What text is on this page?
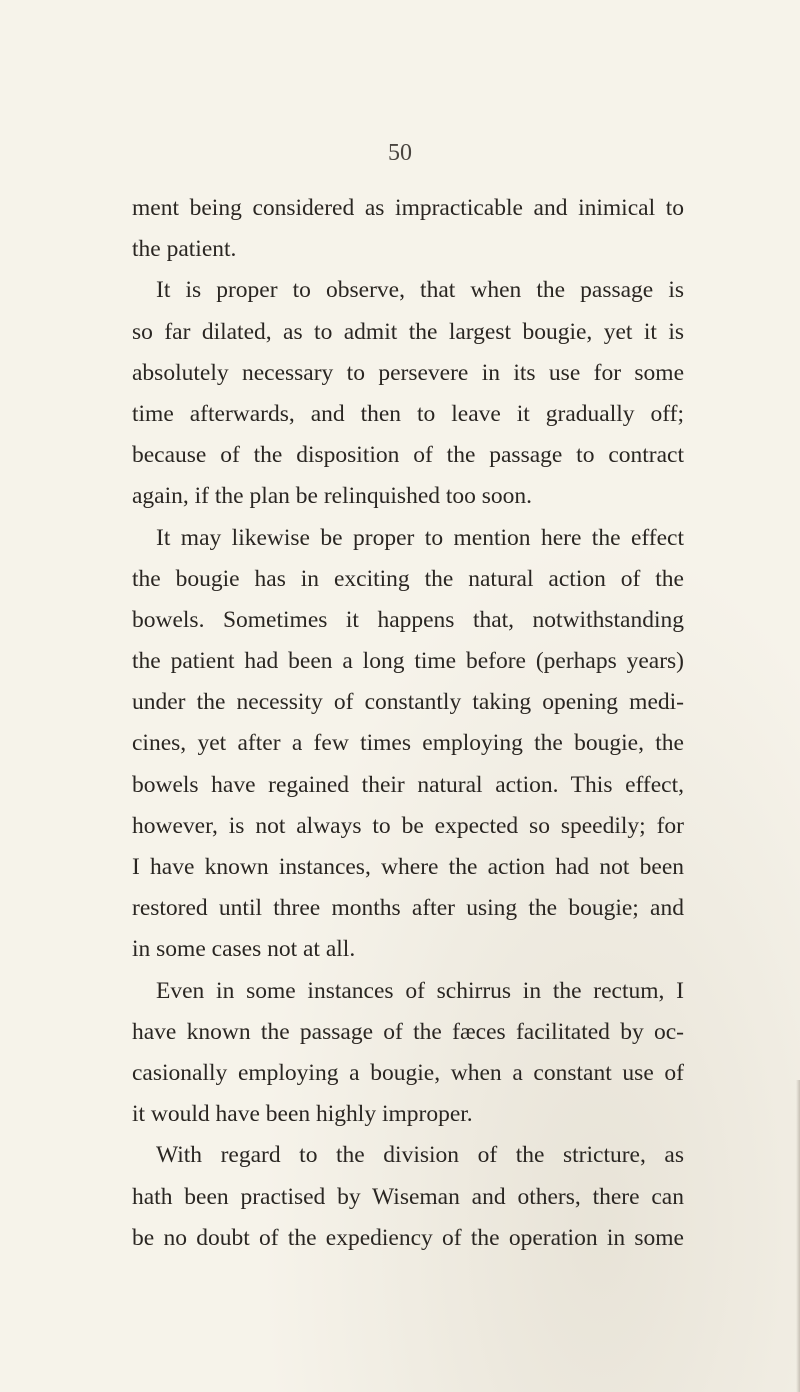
50
ment being considered as impracticable and inimical to
the patient.
It is proper to observe, that when the passage is
so far dilated, as to admit the largest bougie, yet it is
absolutely necessary to persevere in its use for some
time afterwards, and then to leave it gradually off;
because of the disposition of the passage to contract
again, if the plan be relinquished too soon.
It may likewise be proper to mention here the effect
the bougie has in exciting the natural action of the
bowels. Sometimes it happens that, notwithstanding
the patient had been a long time before (perhaps years)
under the necessity of constantly taking opening medi-
cines, yet after a few times employing the bougie, the
bowels have regained their natural action. This effect,
however, is not always to be expected so speedily; for
I have known instances, where the action had not been
restored until three months after using the bougie; and
in some cases not at all.
Even in some instances of schirrus in the rectum, I
have known the passage of the fæces facilitated by oc-
casionally employing a bougie, when a constant use of
it would have been highly improper.
With regard to the division of the stricture, as
hath been practised by Wiseman and others, there can
be no doubt of the expediency of the operation in some
